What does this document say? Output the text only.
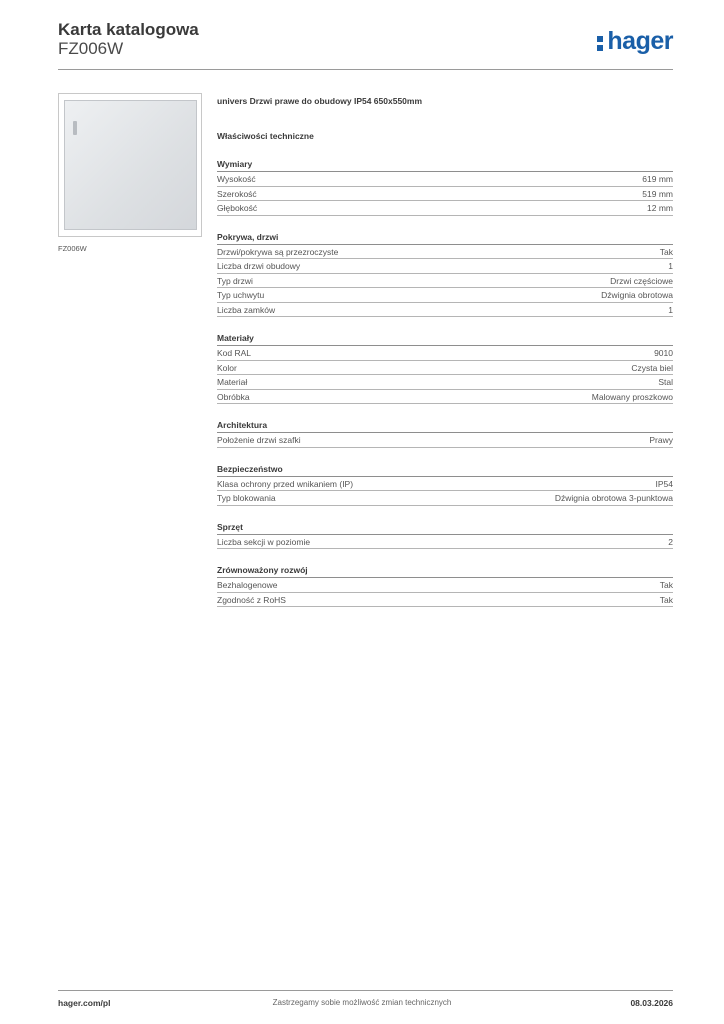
Karta katalogowa
FZ006W	hager
FZ006W
univers Drzwi prawe do obudowy IP54 650x550mm
Właściwości techniczne
Wymiary
Wysokość	619 mm
Szerokość	519 mm
Głębokość	12 mm
Pokrywa, drzwi
Drzwi/pokrywa są przezroczyste	Tak
Liczba drzwi obudowy	1
Typ drzwi	Drzwi częściowe
Typ uchwytu	Dźwignia obrotowa
Liczba zamków	1
Materiały
Kod RAL	9010
Kolor	Czysta biel
Materiał	Stal
Obróbka	Malowany proszkowo
Architektura
Położenie drzwi szafki	Prawy
Bezpieczeństwo
Klasa ochrony przed wnikaniem (IP)	IP54
Typ blokowania	Dźwignia obrotowa 3-punktowa
Sprzęt
Liczba sekcji w poziomie	2
Zrównoważony rozwój
Bezhalogenowe	Tak
Zgodność z RoHS	Tak
hager.com/pl	Zastrzegamy sobie możliwość zmian technicznych	08.03.2026
